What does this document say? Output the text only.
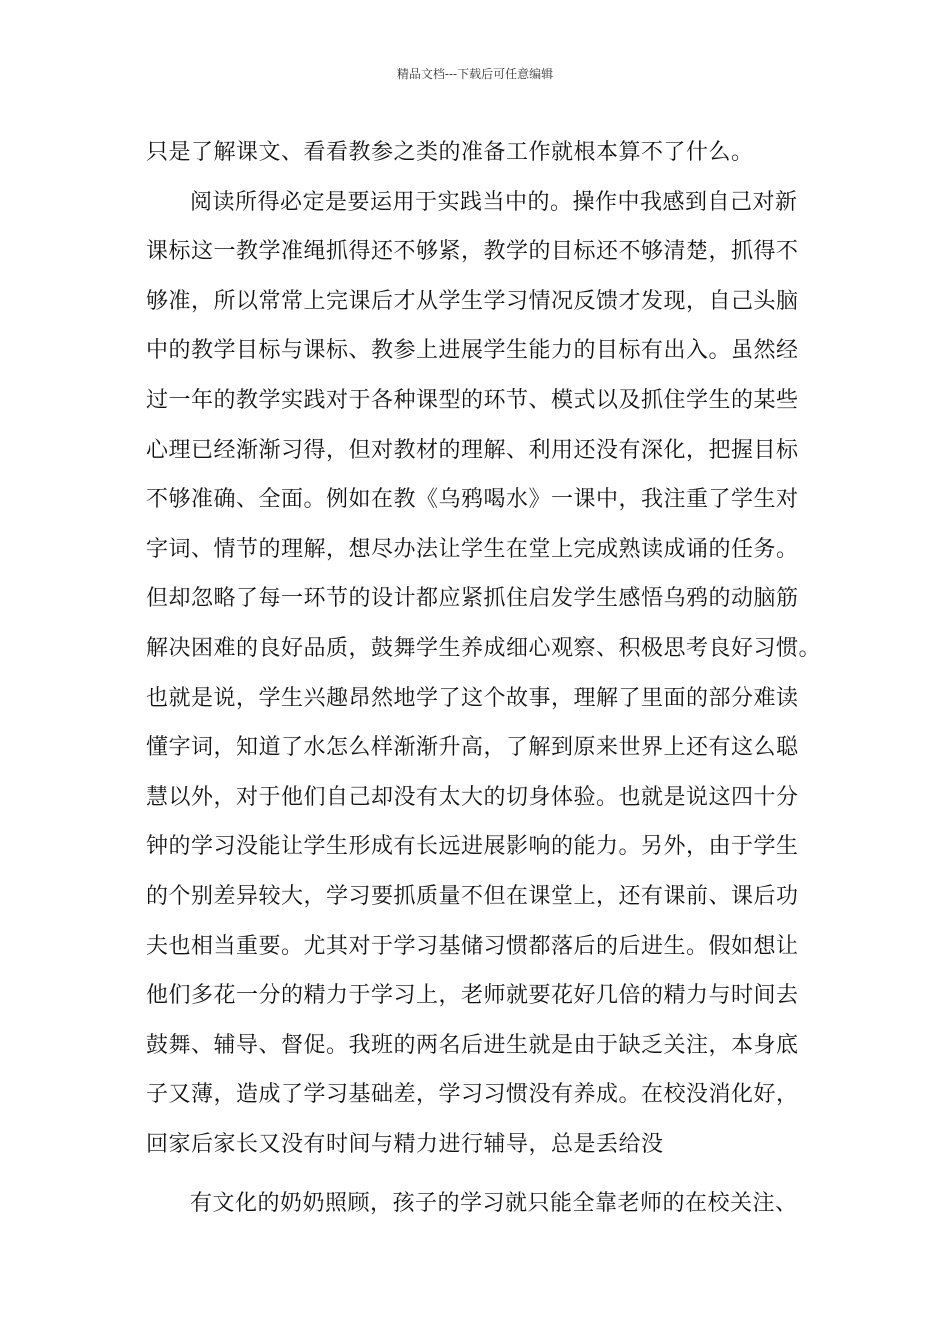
精品文档---下载后可任意编辑
只是了解课文、看看教参之类的准备工作就根本算不了什么。
阅读所得必定是要运用于实践当中的。操作中我感到自己对新
课标这一教学准绳抓得还不够紧，教学的目标还不够清楚，抓得不
够准，所以常常上完课后才从学生学习情况反馈才发现，自己头脑
中的教学目标与课标、教参上进展学生能力的目标有出入。虽然经
过一年的教学实践对于各种课型的环节、模式以及抓住学生的某些
心理已经渐渐习得，但对教材的理解、利用还没有深化，把握目标
不够准确、全面。例如在教《乌鸦喝水》一课中，我注重了学生对
字词、情节的理解，想尽办法让学生在堂上完成熟读成诵的任务。
但却忽略了每一环节的设计都应紧抓住启发学生感悟乌鸦的动脑筋
解决困难的良好品质，鼓舞学生养成细心观察、积极思考良好习惯。
也就是说，学生兴趣昂然地学了这个故事，理解了里面的部分难读
懂字词，知道了水怎么样渐渐升高，了解到原来世界上还有这么聪
慧以外，对于他们自己却没有太大的切身体验。也就是说这四十分
钟的学习没能让学生形成有长远进展影响的能力。另外，由于学生
的个别差异较大，学习要抓质量不但在课堂上，还有课前、课后功
夫也相当重要。尤其对于学习基储习惯都落后的后进生。假如想让
他们多花一分的精力于学习上，老师就要花好几倍的精力与时间去
鼓舞、辅导、督促。我班的两名后进生就是由于缺乏关注，本身底
子又薄，造成了学习基础差，学习习惯没有养成。在校没消化好，
回家后家长又没有时间与精力进行辅导，总是丢给没
有文化的奶奶照顾，孩子的学习就只能全靠老师的在校关注、
